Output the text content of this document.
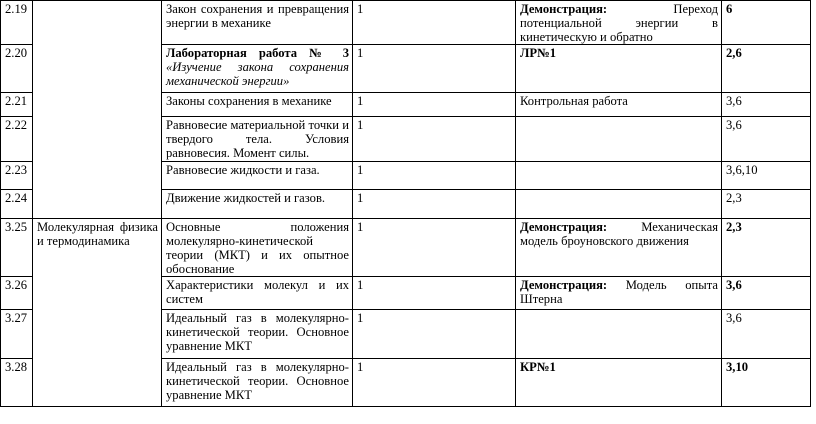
2.19		Закон сохранения и превращения энергии в механике	1	Демонстрация: Переход потенциальной энергии в кинетическую и обратно	6
2.20		Лабораторная работа № 3 «Изучение закона сохранения механической энергии»	1	ЛР№1	2,6
2.21		Законы сохранения в механике	1	Контрольная работа	3,6
2.22		Равновесие материальной точки и твердого тела. Условия равновесия. Момент силы.	1		3,6
2.23		Равновесие жидкости и газа.	1		3,6,10
2.24		Движение жидкостей и газов.	1		2,3
3.25	Молекулярная физика и термодинамика	Основные положения молекулярно-кинетической теории (МКТ) и их опытное обоснование	1	Демонстрация: Механическая модель броуновского движения	2,3
3.26		Характеристики молекул и их систем	1	Демонстрация: Модель опыта Штерна	3,6
3.27		Идеальный газ в молекулярно-кинетической теории. Основное уравнение МКТ	1		3,6
3.28		Идеальный газ в молекулярно-кинетической теории. Основное уравнение МКТ	1	КР№1	3,10
